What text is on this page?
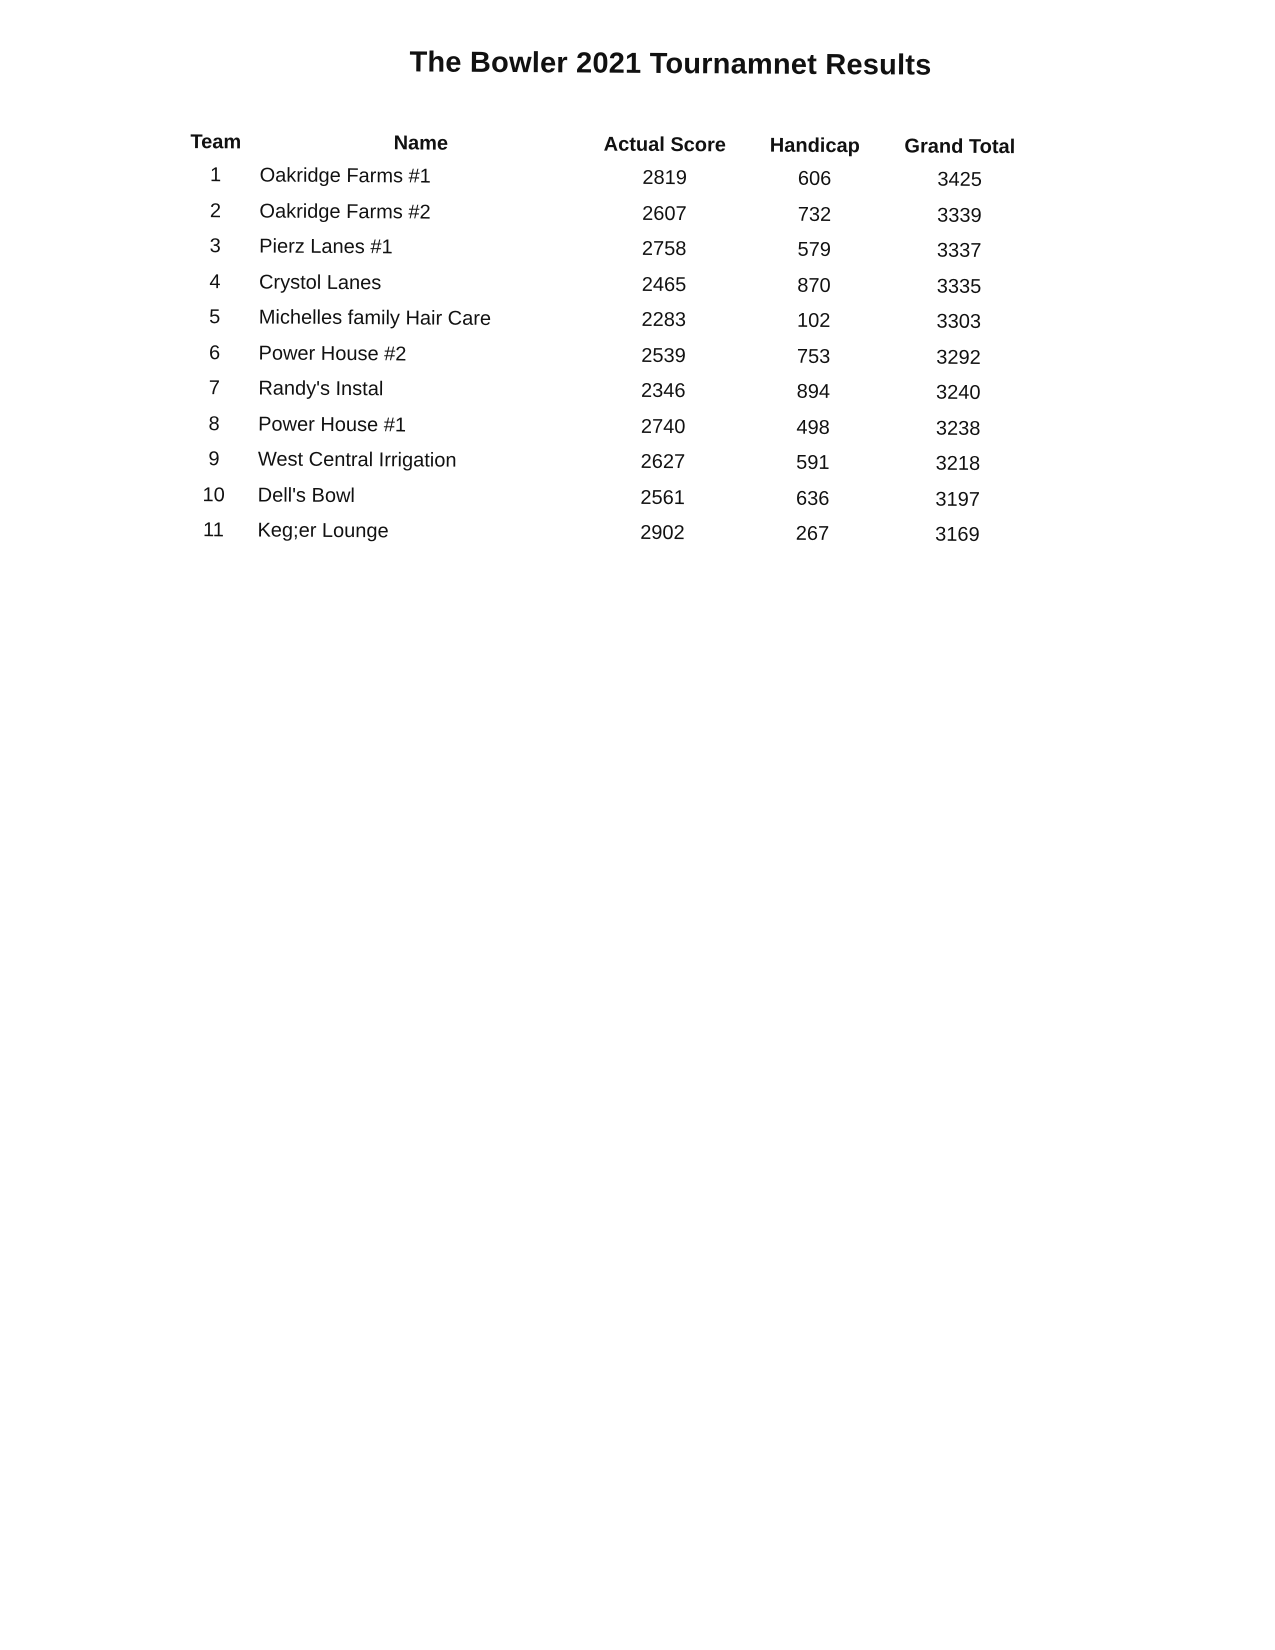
The Bowler 2021 Tournamnet Results
Team	Name	Actual Score	Handicap	Grand Total
1	Oakridge Farms #1	2819	606	3425
2	Oakridge Farms #2	2607	732	3339
3	Pierz Lanes #1	2758	579	3337
4	Crystol Lanes	2465	870	3335
5	Michelles family Hair Care	2283	102	3303
6	Power House #2	2539	753	3292
7	Randy's Instal	2346	894	3240
8	Power House #1	2740	498	3238
9	West Central Irrigation	2627	591	3218
10	Dell's Bowl	2561	636	3197
11	Keg;er Lounge	2902	267	3169
